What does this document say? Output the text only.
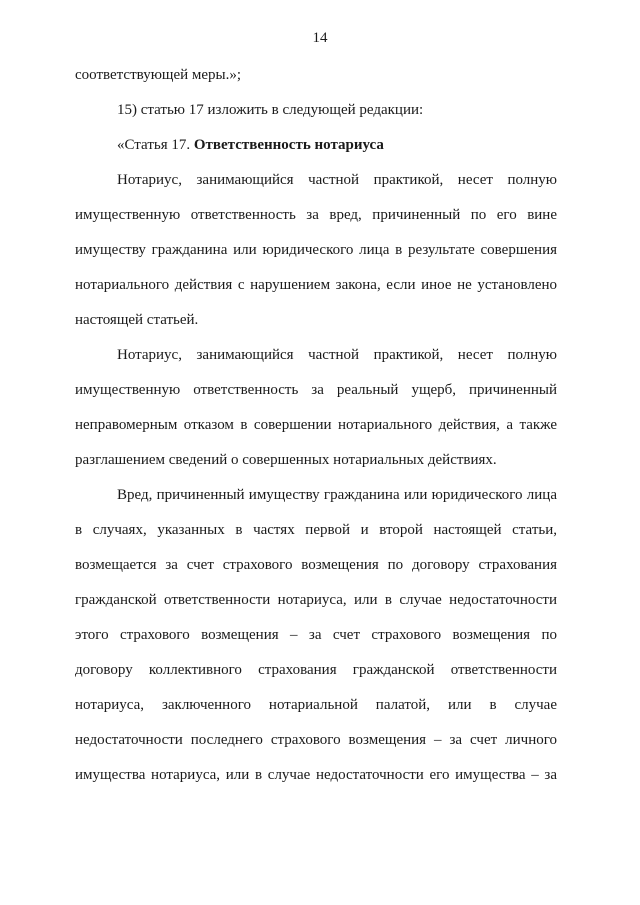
14
соответствующей меры.»;
15) статью 17 изложить в следующей редакции:
«Статья 17. Ответственность нотариуса
Нотариус, занимающийся частной практикой, несет полную
имущественную ответственность за вред, причиненный по его вине
имуществу гражданина или юридического лица в результате совершения
нотариального действия с нарушением закона, если иное не установлено
настоящей статьей.
Нотариус, занимающийся частной практикой, несет полную
имущественную ответственность за реальный ущерб, причиненный
неправомерным отказом в совершении нотариального действия, а также
разглашением сведений о совершенных нотариальных действиях.
Вред, причиненный имуществу гражданина или юридического лица
в случаях, указанных в частях первой и второй настоящей статьи,
возмещается за счет страхового возмещения по договору страхования
гражданской ответственности нотариуса, или в случае недостаточности
этого страхового возмещения – за счет страхового возмещения по
договору коллективного страхования гражданской ответственности
нотариуса, заключенного нотариальной палатой, или в случае
недостаточности последнего страхового возмещения – за счет личного
имущества нотариуса, или в случае недостаточности его имущества – за
